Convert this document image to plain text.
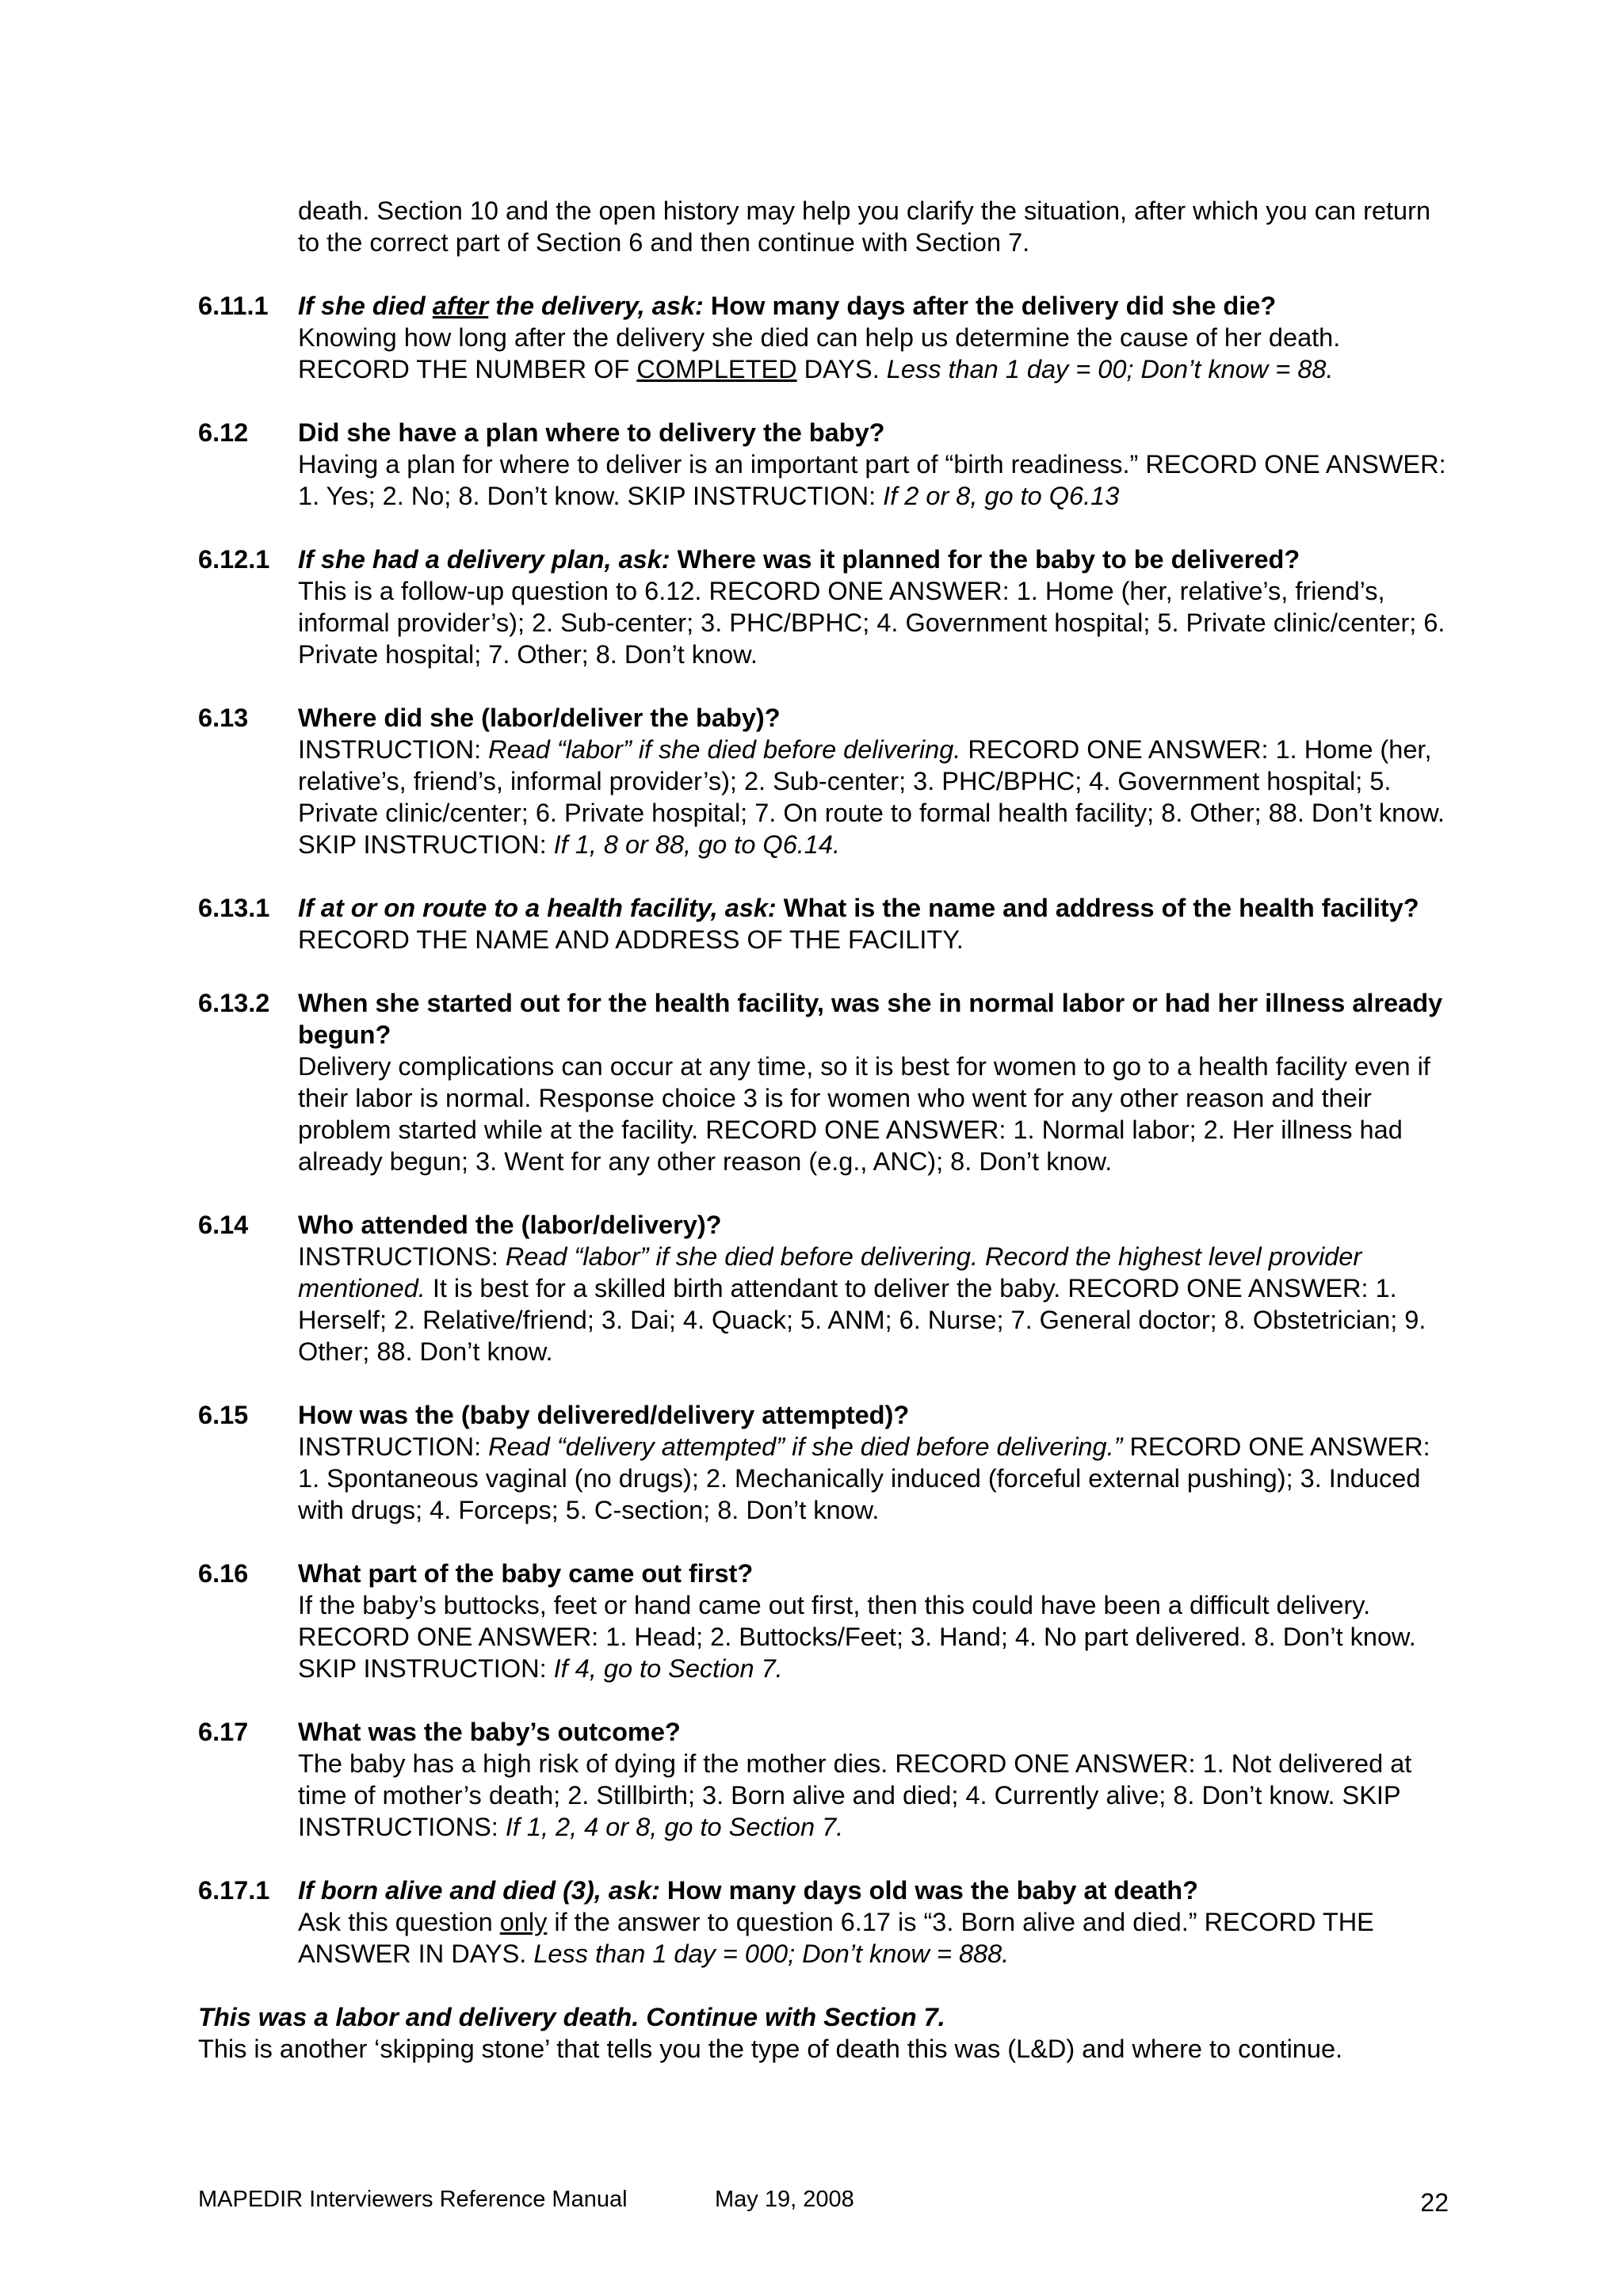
death. Section 10 and the open history may help you clarify the situation, after which you can return to the correct part of Section 6 and then continue with Section 7.
6.11.1 If she died after the delivery, ask: How many days after the delivery did she die?
Knowing how long after the delivery she died can help us determine the cause of her death. RECORD THE NUMBER OF COMPLETED DAYS. Less than 1 day = 00; Don’t know = 88.
6.12 Did she have a plan where to delivery the baby?
Having a plan for where to deliver is an important part of “birth readiness.” RECORD ONE ANSWER: 1. Yes; 2. No; 8. Don’t know. SKIP INSTRUCTION: If 2 or 8, go to Q6.13
6.12.1 If she had a delivery plan, ask: Where was it planned for the baby to be delivered?
This is a follow-up question to 6.12. RECORD ONE ANSWER: 1. Home (her, relative’s, friend’s, informal provider’s); 2. Sub-center; 3. PHC/BPHC; 4. Government hospital; 5. Private clinic/center; 6. Private hospital; 7. Other; 8. Don’t know.
6.13 Where did she (labor/deliver the baby)?
INSTRUCTION: Read “labor” if she died before delivering. RECORD ONE ANSWER: 1. Home (her, relative’s, friend’s, informal provider’s); 2. Sub-center; 3. PHC/BPHC; 4. Government hospital; 5. Private clinic/center; 6. Private hospital; 7. On route to formal health facility; 8. Other; 88. Don’t know. SKIP INSTRUCTION: If 1, 8 or 88, go to Q6.14.
6.13.1 If at or on route to a health facility, ask: What is the name and address of the health facility? RECORD THE NAME AND ADDRESS OF THE FACILITY.
6.13.2 When she started out for the health facility, was she in normal labor or had her illness already begun?
Delivery complications can occur at any time, so it is best for women to go to a health facility even if their labor is normal. Response choice 3 is for women who went for any other reason and their problem started while at the facility. RECORD ONE ANSWER: 1. Normal labor; 2. Her illness had already begun; 3. Went for any other reason (e.g., ANC); 8. Don’t know.
6.14 Who attended the (labor/delivery)?
INSTRUCTIONS: Read “labor” if she died before delivering. Record the highest level provider mentioned. It is best for a skilled birth attendant to deliver the baby. RECORD ONE ANSWER: 1. Herself; 2. Relative/friend; 3. Dai; 4. Quack; 5. ANM; 6. Nurse; 7. General doctor; 8. Obstetrician; 9. Other; 88. Don’t know.
6.15 How was the (baby delivered/delivery attempted)?
INSTRUCTION: Read “delivery attempted” if she died before delivering.” RECORD ONE ANSWER: 1. Spontaneous vaginal (no drugs); 2. Mechanically induced (forceful external pushing); 3. Induced with drugs; 4. Forceps; 5. C-section; 8. Don’t know.
6.16 What part of the baby came out first?
If the baby’s buttocks, feet or hand came out first, then this could have been a difficult delivery. RECORD ONE ANSWER: 1. Head; 2. Buttocks/Feet; 3. Hand; 4. No part delivered. 8. Don’t know. SKIP INSTRUCTION: If 4, go to Section 7.
6.17 What was the baby’s outcome?
The baby has a high risk of dying if the mother dies. RECORD ONE ANSWER: 1. Not delivered at time of mother’s death; 2. Stillbirth; 3. Born alive and died; 4. Currently alive; 8. Don’t know. SKIP INSTRUCTIONS: If 1, 2, 4 or 8, go to Section 7.
6.17.1 If born alive and died (3), ask: How many days old was the baby at death?
Ask this question only if the answer to question 6.17 is “3. Born alive and died.” RECORD THE ANSWER IN DAYS. Less than 1 day = 000; Don’t know = 888.
This was a labor and delivery death. Continue with Section 7.
This is another ‘skipping stone’ that tells you the type of death this was (L&D) and where to continue.
MAPEDIR Interviewers Reference Manual	May 19, 2008	22
